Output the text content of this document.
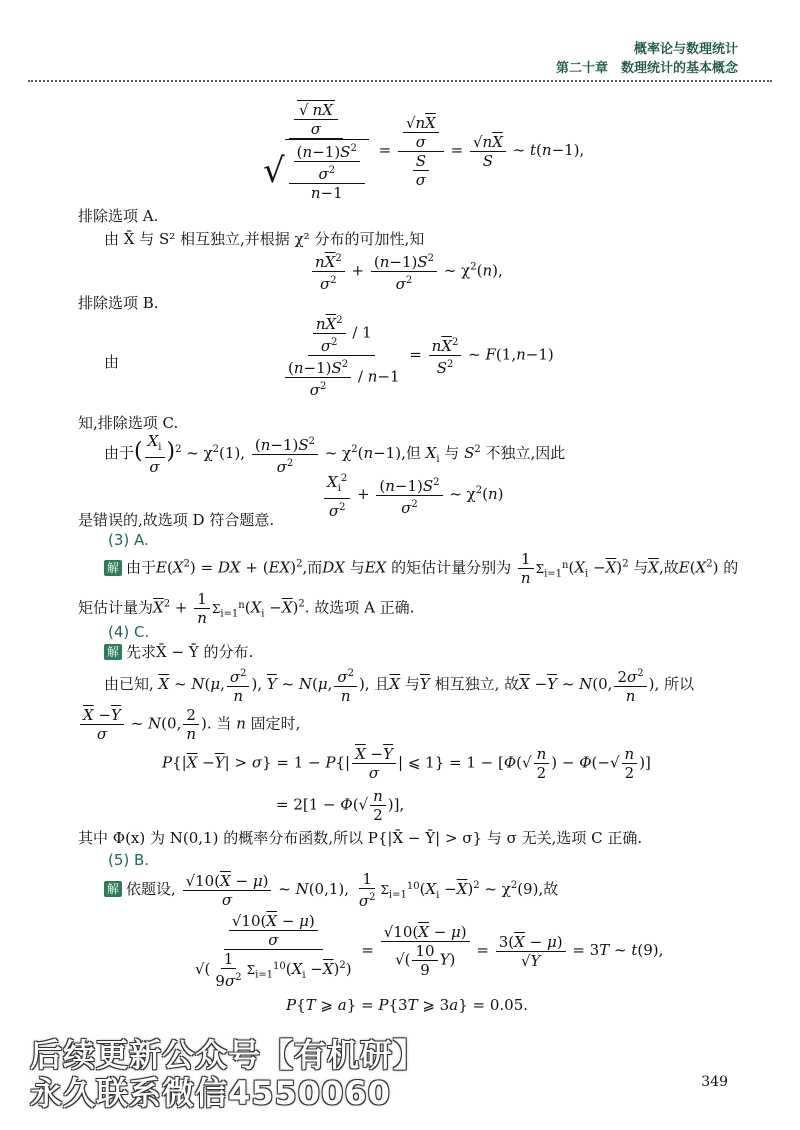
概率论与数理统计
第二十章　数理统计的基本概念
$\frac{\frac{√ n\overline{X}}{\sigma}}{√ \frac{\frac{(n-1)S^2}{\sigma^2}}{n-1}} = \frac{\frac{√n\overline{X}}{\sigma}}{\frac{S}{\sigma}} = \frac{√n\overline{X}}{S}$ ~ t(n−1),
排除选项 A.
由 X̄ 与 S² 相互独立,并根据 χ² 分布的可加性,知
$\frac{n\overline{X}^2}{\sigma^2} + \frac{(n-1)S^2}{\sigma^2}$ ~ $\chi^2(n)$,
排除选项 B.
由	$\frac{\frac{n\overline{X}^2}{\sigma^2} / 1}{\frac{(n-1)S^2}{\sigma^2} / n-1} = \frac{n\overline{X}^2}{S^2}$ ~ F(1,n−1)
知,排除选项 C.
由于( $\frac{X_i}{\sigma} )^2$ ~ $\chi^2(1)$, $\frac{(n-1)S^2}{\sigma^2}$ ~ $\chi^2(n-1)$,但 $X_i$ 与 $S^2$ 不独立,因此
$\frac{X_i^2}{\sigma^2} + \frac{(n-1)S^2}{\sigma^2}$ ~ $\chi^2(n)$
是错误的,故选项 D 符合题意.
(3) A.
解 由于$E(X^2)$ = DX + (EX)$^2$,而DX 与EX 的矩估计量分别为 $\frac{1}{n} \Sigma_{i=1}^n(X_i -\overline{X})^2$ 与$\overline{X}$,故$E(X^2)$ 的
矩估计量为$\overline{X}^2 + \frac{1}{n} \Sigma_{i=1}^n(X_i -\overline{X})^2$. 故选项 A 正确.
(4) C.
解 先求X̄ − Ȳ 的分布.
由已知, $\overline{X}$ ~ N(μ, $\frac{\sigma^2}{n}$ ), $\overline{Y}$ ~ N(μ, $\frac{\sigma^2}{n}$ ), 且$\overline{X}$ 与$\overline{Y}$ 相互独立, 故$\overline{X} -\overline{Y}$ ~ N(0, $\frac{2\sigma^2}{n}$ ), 所以
$\frac{\overline{X} -\overline{Y}}{\sigma}$ ~ N(0, $\frac{2}{n}$ ). 当 n 固定时,
$P\{|\overline{X} -\overline{Y}| > \sigma\} = 1 - P\{| \frac{\overline{X} -\overline{Y}}{\sigma}$ | ⩽ $1\} = 1 - [\Phi(√ \frac{n}{2}$ ) − $\Phi(-√ \frac{n}{2}$ )]
= $2[1 - \Phi(√ \frac{n}{2}$ )],
其中 Φ(x) 为 N(0,1) 的概率分布函数,所以 P{|X̄ − Ȳ| > σ} 与 σ 无关,选项 C 正确.
(5) B.
解 依题设, $\frac{√10(\overline{X} - \mu)}{\sigma}$ ~ N(0,1), $\frac{1}{\sigma^2} \Sigma_{i=1}^{10}(X_i -\overline{X})^2$ ~ $\chi^2(9)$,故
$\frac{\frac{√10(\overline{X} - \mu)}{\sigma}}{√( \frac{1}{9\sigma^2} \Sigma_{i=1}^{10}(X_i -\overline{X})^2)} = \frac{√10(\overline{X} - \mu)}{√( \frac{10}{9} Y)} = \frac{3(\overline{X} - \mu)}{√Y} = 3T$ ~ t(9),
P{T ⩾ a} = P{3T ⩾ 3a} = 0.05.
后续更新公众号【有机研】
永久联系微信4550060	349
